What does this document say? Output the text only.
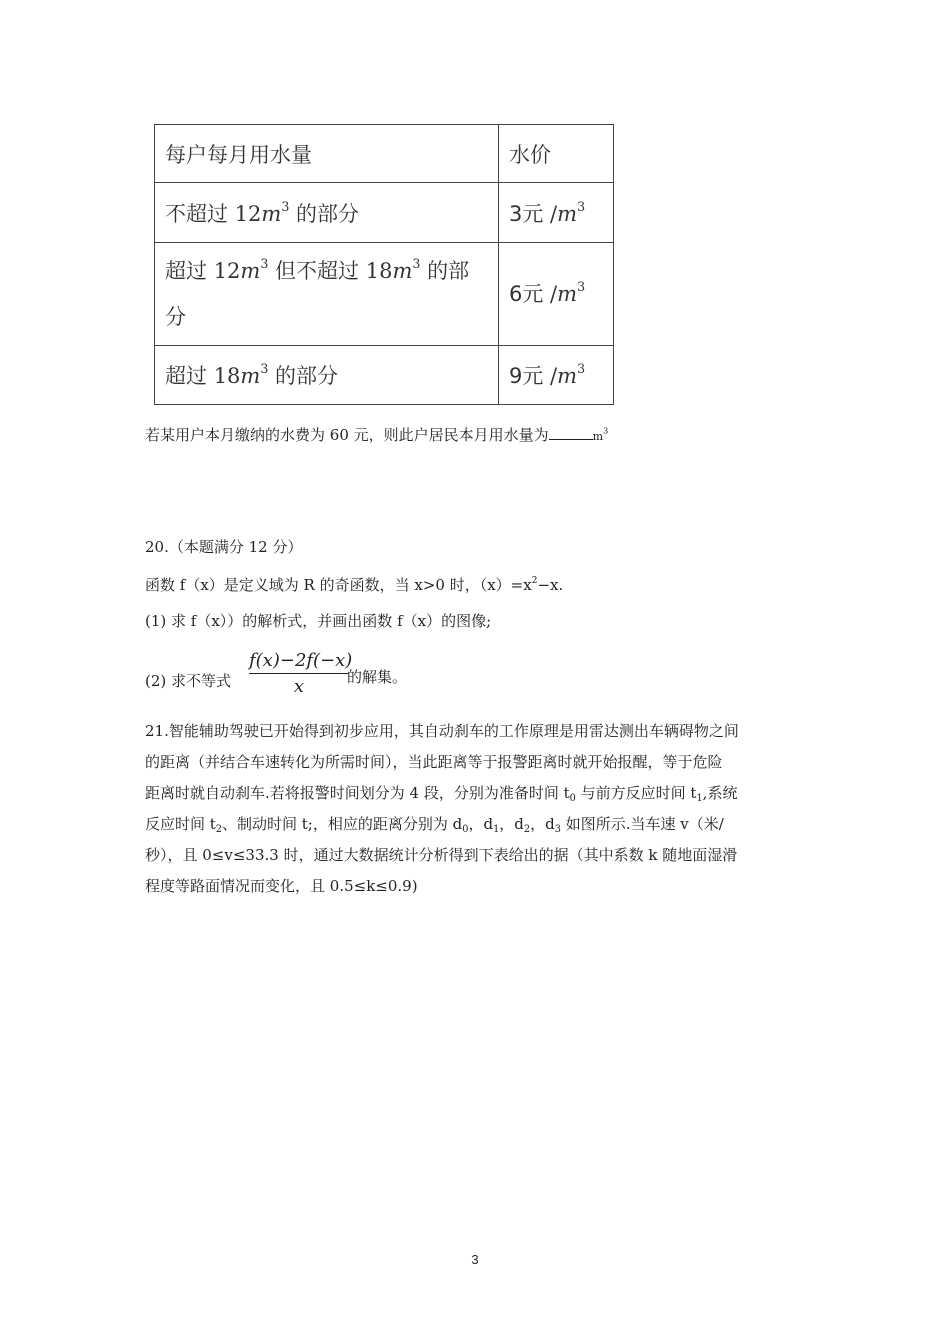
每户每月用水量	水价
不超过 $12m^3$ 的部分	3元 $/m^3$
超过 $12m^3$ 但不超过 $18m^3$ 的部
分	6元 $/m^3$
超过 $18m^3$ 的部分	9元 $/m^3$
若某用户本月缴纳的水费为 60 元，则此户居民本月用水量为	$m^3$
20.（本题满分 12 分）
函数 f（x）是定义域为 R 的奇函数，当 x>0 时，$(x)=x^2-x$.
(1) 求 f（x））的解析式，并画出函数 f（x）的图像;
(2) 求不等式
f(x)−2f(−x)
x	的解集。
21.智能辅助驾驶已开始得到初步应用，其自动刹车的工作原理是用雷达测出车辆碍物之间
的距离（并结合车速转化为所需时间），当此距离等于报警距离时就开始报醒，等于危险
距离时就自动刹车.若将报警时间划分为 4 段，分别为准备时间 $t_0$ 与前方反应时间 $t_1$,系统
反应时间 $t_2$、制动时间 t;，相应的距离分别为 $d_0$，$d_1$，$d_2$，$d_3$ 如图所示.当车速 v（米/
秒），且 0≤v≤33.3 时，通过大数据统计分析得到下表给出的据（其中系数 k 随地面湿滑
程度等路面情况而变化，且 0.5≤k≤0.9)
3
